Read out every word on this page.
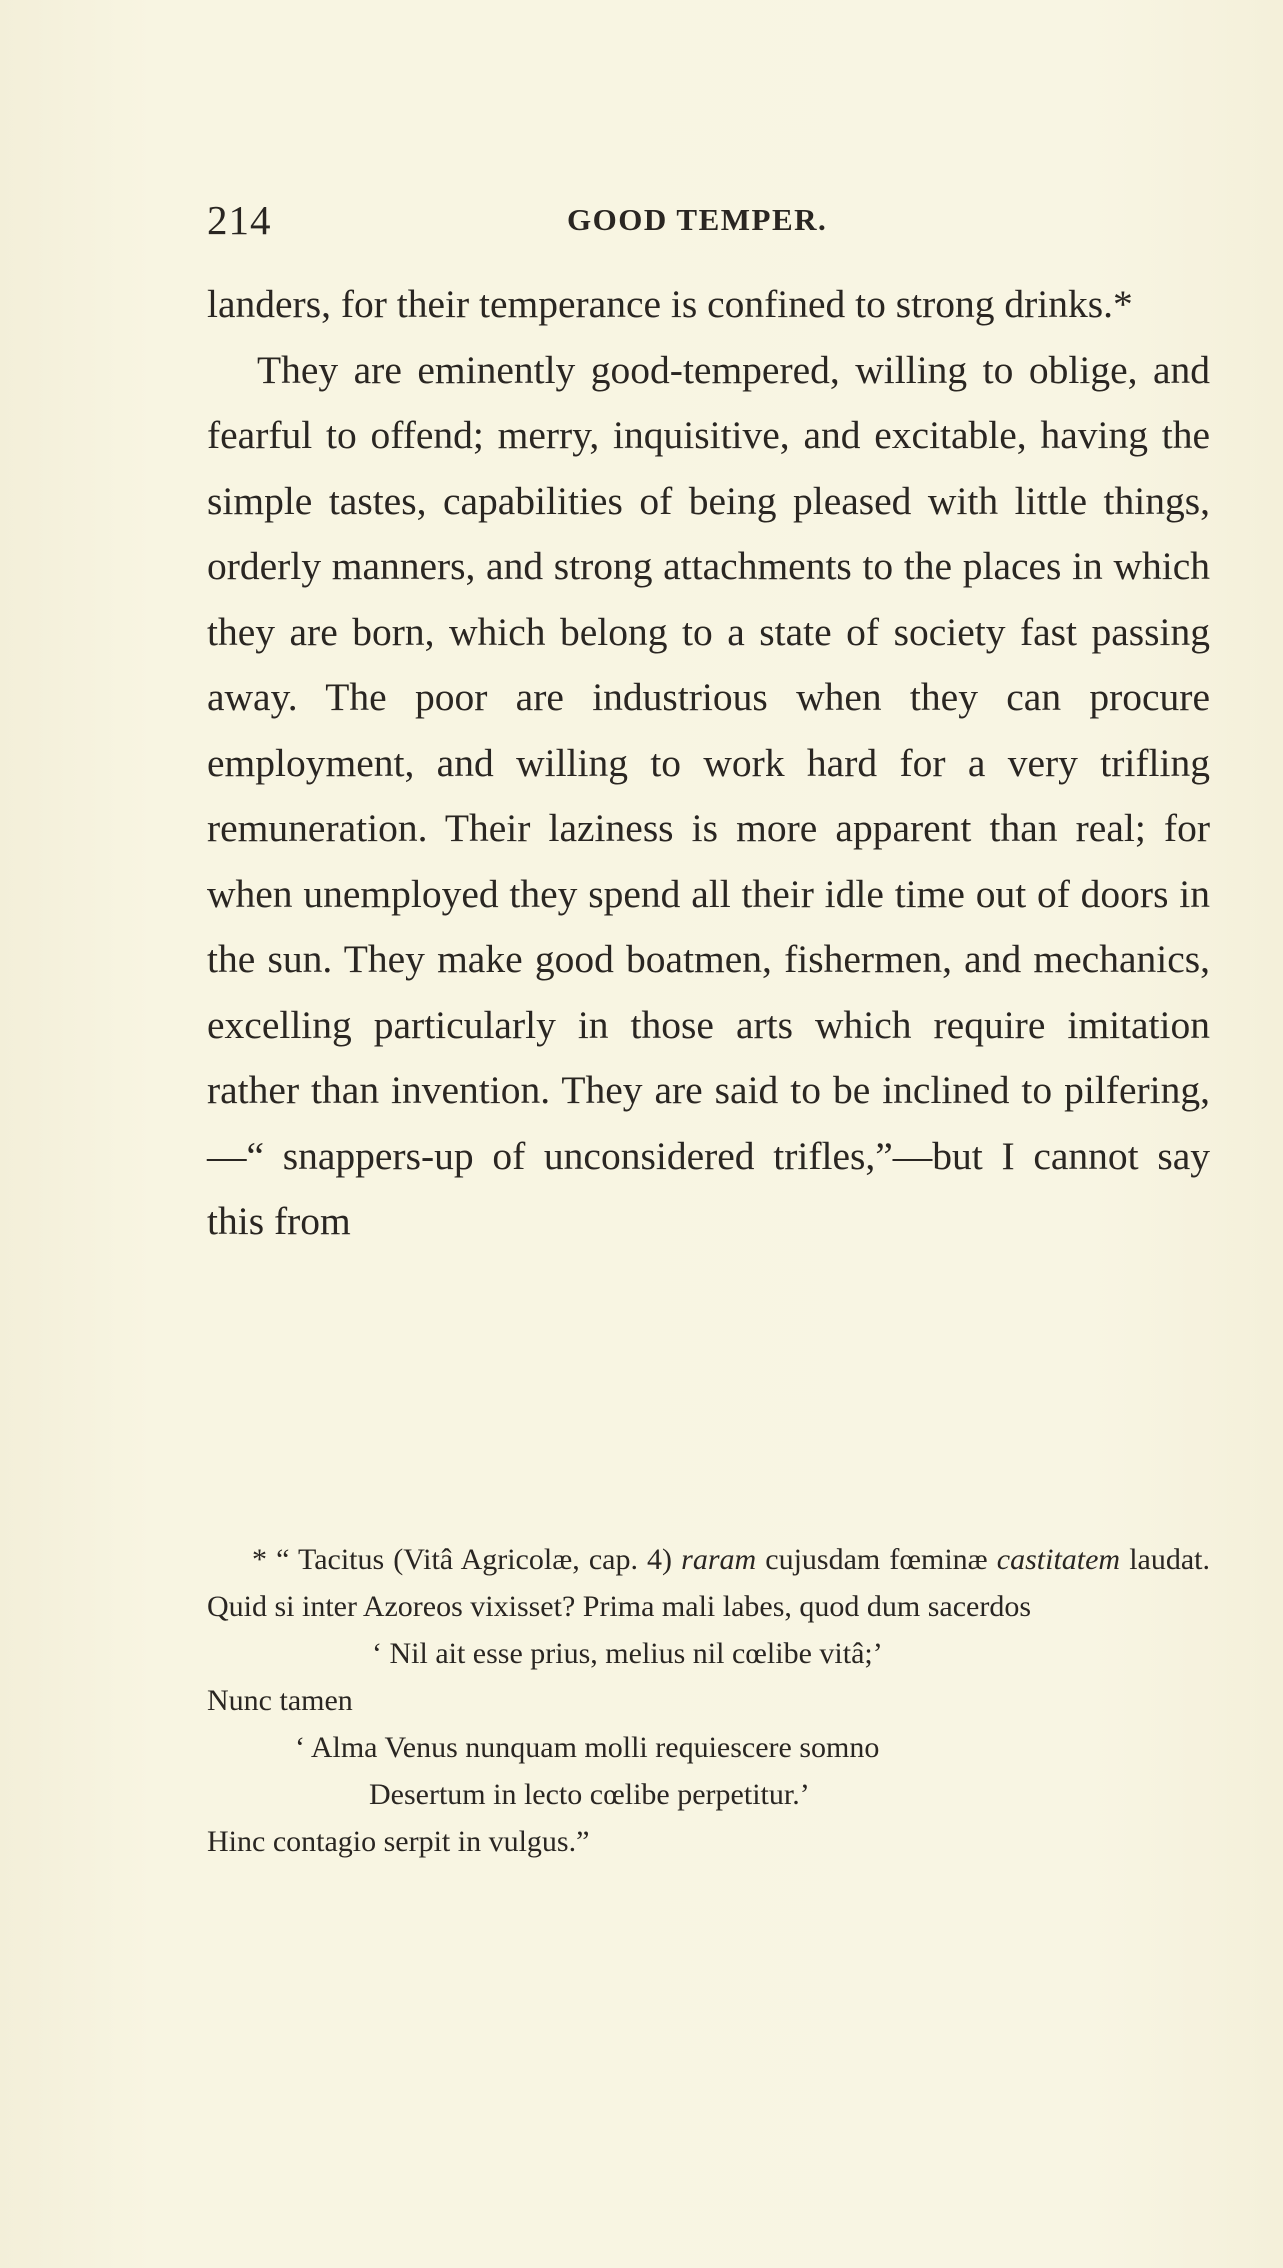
214	GOOD TEMPER.

landers, for their temperance is confined to strong drinks.*

They are eminently good-tempered, willing to oblige, and fearful to offend; merry, inquisitive, and excitable, having the simple tastes, capabilities of being pleased with little things, orderly manners, and strong attachments to the places in which they are born, which belong to a state of society fast passing away. The poor are industrious when they can procure employment, and willing to work hard for a very trifling remuneration. Their laziness is more apparent than real; for when unemployed they spend all their idle time out of doors in the sun. They make good boatmen, fishermen, and mechanics, excelling particularly in those arts which require imitation rather than invention. They are said to be inclined to pilfering,—“ snappers-up of unconsidered trifles,”—but I cannot say this from

* “ Tacitus (Vitâ Agricolæ, cap. 4) raram cujusdam fœminæ castitatem laudat. Quid si inter Azoreos vixisset? Prima mali labes, quod dum sacerdos

‘ Nil ait esse prius, melius nil cœlibe vitâ;’

Nunc tamen

‘ Alma Venus nunquam molli requiescere somno

Desertum in lecto cœlibe perpetitur.’

Hinc contagio serpit in vulgus.”
